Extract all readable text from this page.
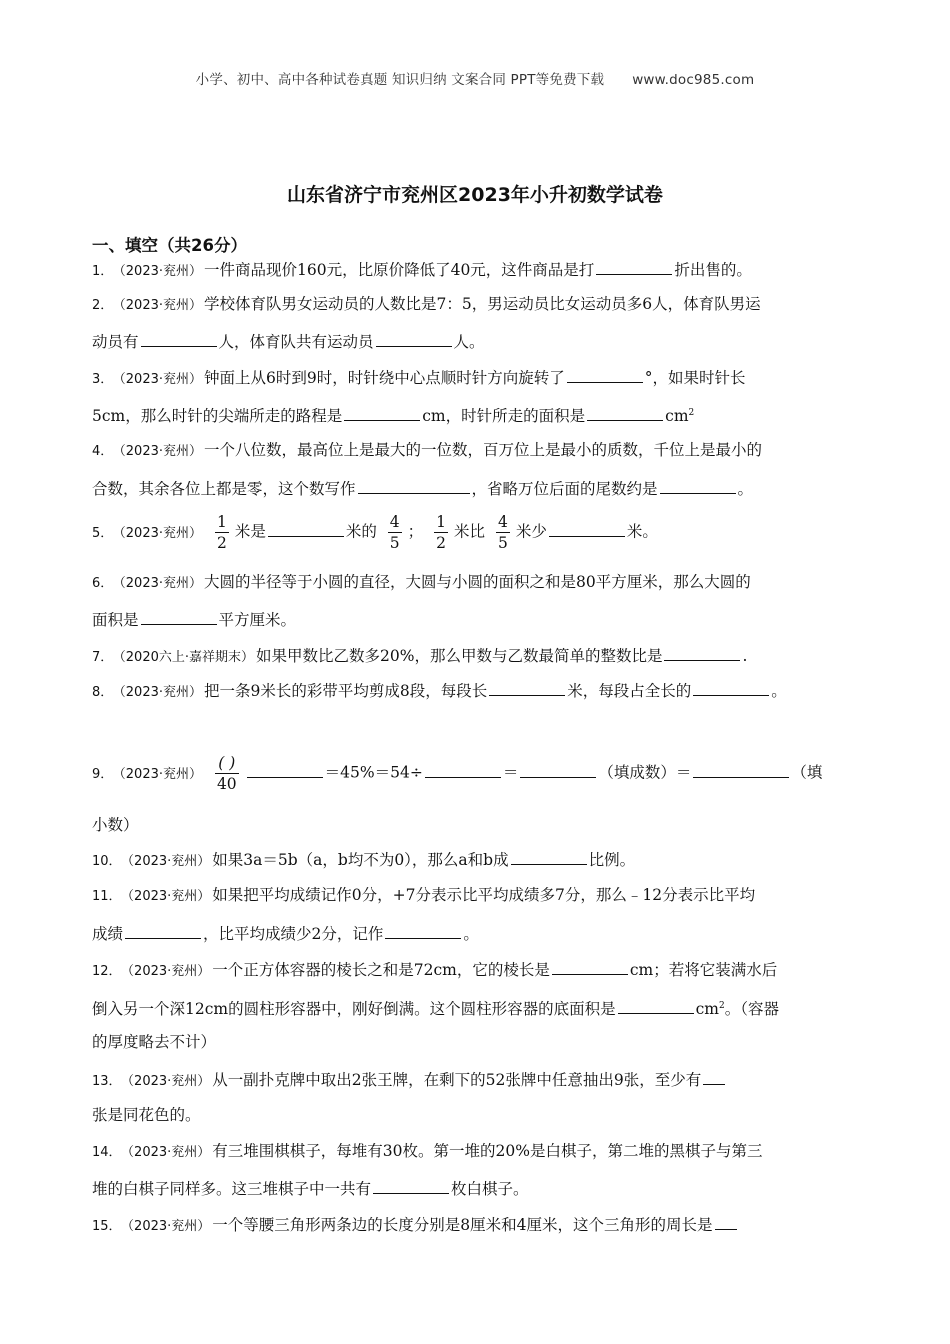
小学、初中、高中各种试卷真题 知识归纳 文案合同 PPT等免费下载 www.doc985.com
山东省济宁市兖州区2023年小升初数学试卷
一、填空（共26分）
1． （2023·兖州） 一件商品现价160元，比原价降低了40元，这件商品是打	折出售的。
2． （2023·兖州） 学校体育队男女运动员的人数比是7：5，男运动员比女运动员多6人，体育队男运
动员有	人，体育队共有运动员	人。
3． （2023·兖州） 钟面上从6时到9时，时针绕中心点顺时针方向旋转了	°，如果时针长
5cm，那么时针的尖端所走的路程是	cm，时针所走的面积是	$cm^2$
4． （2023·兖州） 一个八位数，最高位上是最大的一位数，百万位上是最小的质数，千位上是最小的
合数，其余各位上都是零，这个数写作	，省略万位后面的尾数约是	。
5． （2023·兖州） $\frac{1}{2}$ 米是	米的 $\frac{4}{5}$ ； $\frac{1}{2}$ 米比 $\frac{4}{5}$ 米少	米。
6． （2023·兖州） 大圆的半径等于小圆的直径，大圆与小圆的面积之和是80平方厘米，那么大圆的
面积是	平方厘米。
7． （2020六上·嘉祥期末） 如果甲数比乙数多20%，那么甲数与乙数最简单的整数比是	.
8． （2023·兖州） 把一条9米长的彩带平均剪成8段，每段长	米，每段占全长的	。
9． （2023·兖州） $\frac{( )}{40}$	＝45%＝54÷	＝	（填成数）＝	（填
小数）
10． （2023·兖州） 如果3a＝5b（a，b均不为0），那么a和b成	比例。
11． （2023·兖州） 如果把平均成绩记作0分，+7分表示比平均成绩多7分，那么﹣12分表示比平均
成绩	，比平均成绩少2分，记作	。
12． （2023·兖州） 一个正方体容器的棱长之和是72cm，它的棱长是	cm；若将它装满水后
倒入另一个深12cm的圆柱形容器中，刚好倒满。这个圆柱形容器的底面积是	$cm^2$。（容器
的厚度略去不计）
13． （2023·兖州） 从一副扑克牌中取出2张王牌，在剩下的52张牌中任意抽出9张，至少有
张是同花色的。
14． （2023·兖州） 有三堆围棋棋子，每堆有30枚。第一堆的20%是白棋子，第二堆的黑棋子与第三
堆的白棋子同样多。这三堆棋子中一共有	枚白棋子。
15． （2023·兖州） 一个等腰三角形两条边的长度分别是8厘米和4厘米，这个三角形的周长是
